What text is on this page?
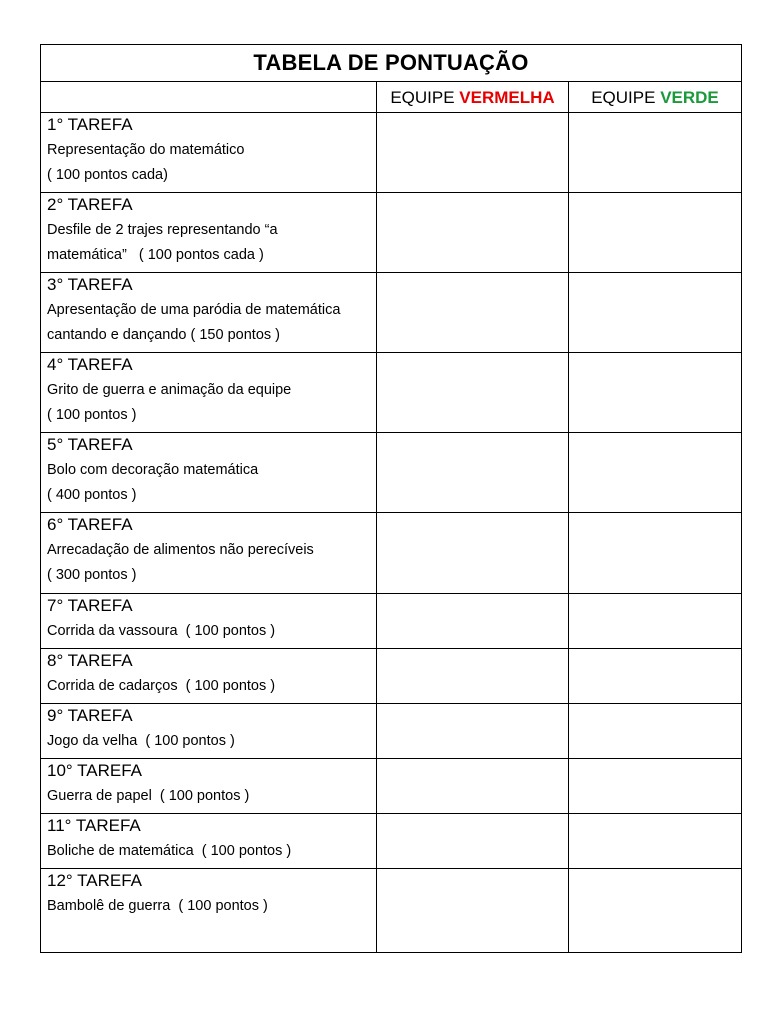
TABELA DE PONTUAÇÃO		

	EQUIPE VERMELHA	EQUIPE VERDE

1° TAREFA
Representação do matemático
( 100 pontos cada)		

2° TAREFA
Desfile de 2 trajes representando “a
matemática”   ( 100 pontos cada )		

3° TAREFA
Apresentação de uma paródia de matemática
cantando e dançando ( 150 pontos )		

4° TAREFA
Grito de guerra e animação da equipe
( 100 pontos )		

5° TAREFA
Bolo com decoração matemática
( 400 pontos )		

6° TAREFA
Arrecadação de alimentos não perecíveis
( 300 pontos )		

7° TAREFA
Corrida da vassoura  ( 100 pontos )		

8° TAREFA
Corrida de cadarços  ( 100 pontos )		

9° TAREFA
Jogo da velha  ( 100 pontos )		

10° TAREFA
Guerra de papel  ( 100 pontos )		

11° TAREFA
Boliche de matemática  ( 100 pontos )		

12° TAREFA
Bambolê de guerra  ( 100 pontos )		
